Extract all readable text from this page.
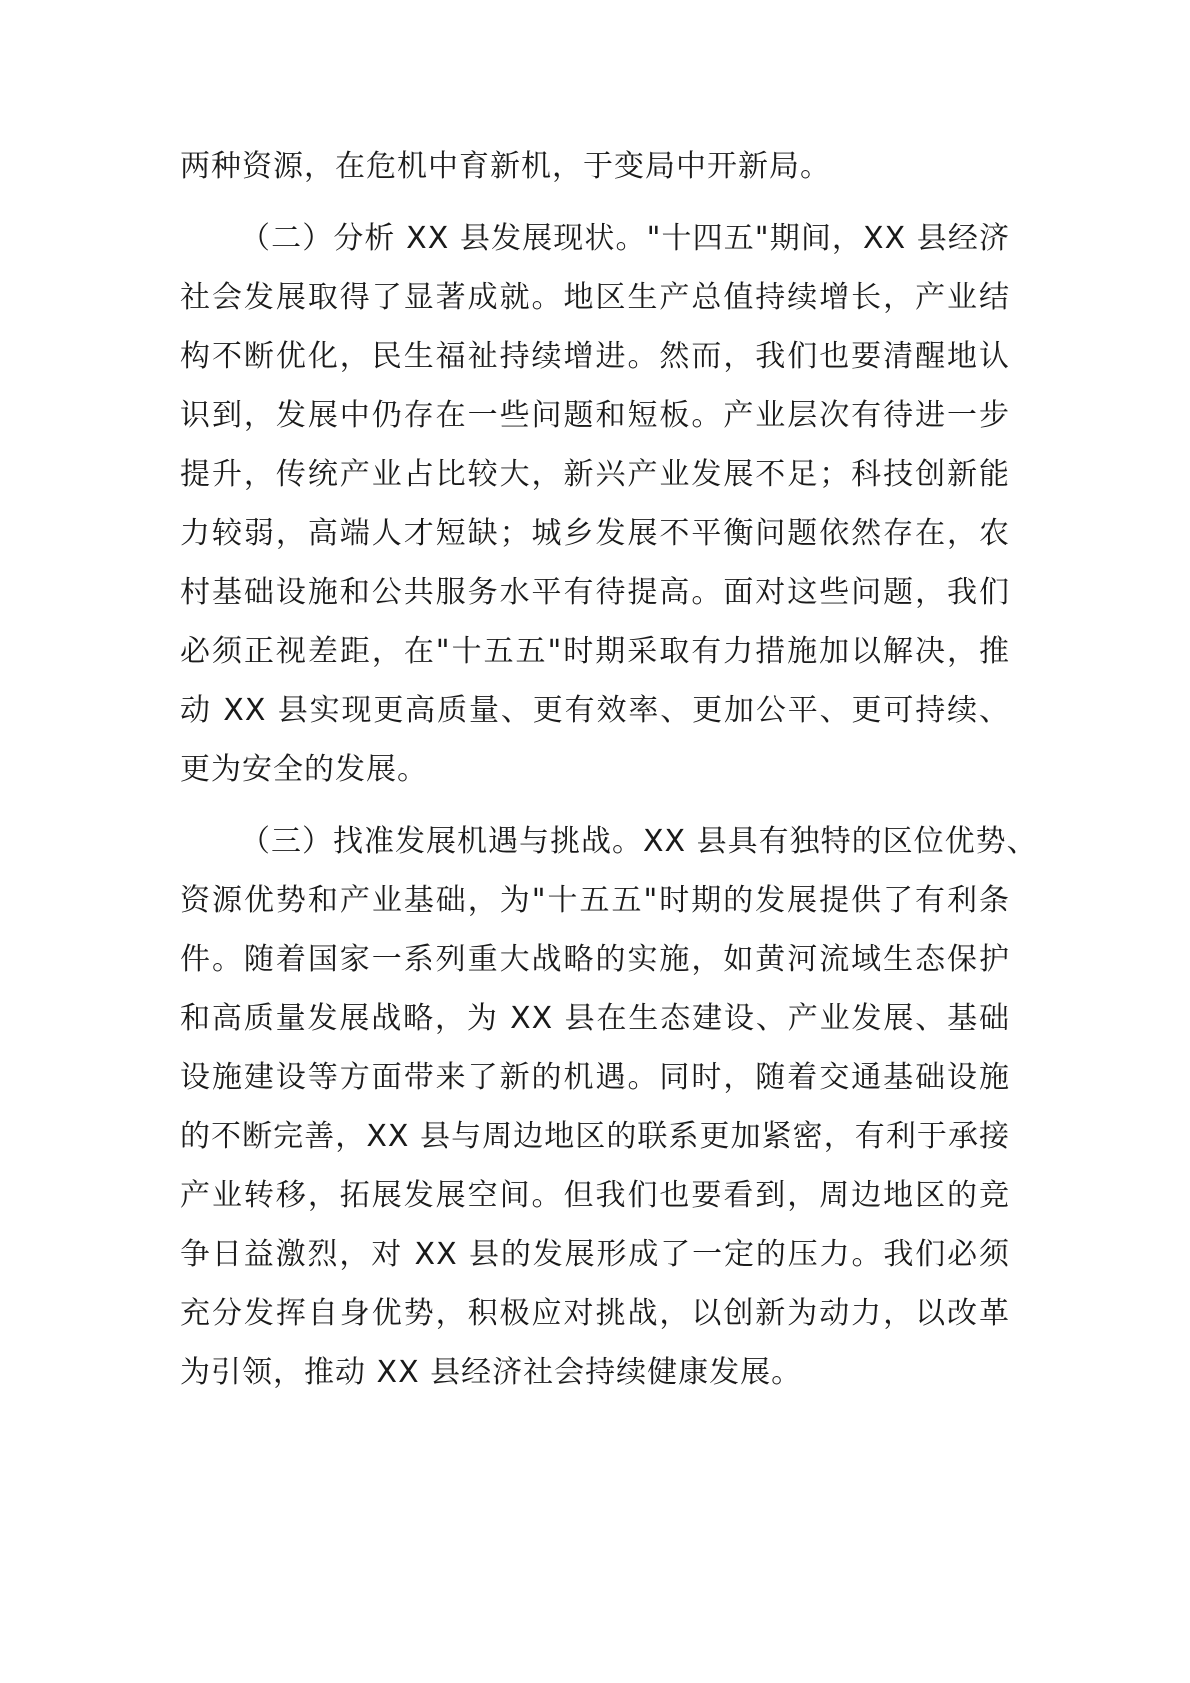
两种资源，在危机中育新机，于变局中开新局。
（二）分析 XX 县发展现状。"十四五"期间，XX 县经济
社会发展取得了显著成就。地区生产总值持续增长，产业结
构不断优化，民生福祉持续增进。然而，我们也要清醒地认
识到，发展中仍存在一些问题和短板。产业层次有待进一步
提升，传统产业占比较大，新兴产业发展不足；科技创新能
力较弱，高端人才短缺；城乡发展不平衡问题依然存在，农
村基础设施和公共服务水平有待提高。面对这些问题，我们
必须正视差距，在"十五五"时期采取有力措施加以解决，推
动 XX 县实现更高质量、更有效率、更加公平、更可持续、
更为安全的发展。
（三）找准发展机遇与挑战。XX 县具有独特的区位优势、
资源优势和产业基础，为"十五五"时期的发展提供了有利条
件。随着国家一系列重大战略的实施，如黄河流域生态保护
和高质量发展战略，为 XX 县在生态建设、产业发展、基础
设施建设等方面带来了新的机遇。同时，随着交通基础设施
的不断完善，XX 县与周边地区的联系更加紧密，有利于承接
产业转移，拓展发展空间。但我们也要看到，周边地区的竞
争日益激烈，对 XX 县的发展形成了一定的压力。我们必须
充分发挥自身优势，积极应对挑战，以创新为动力，以改革
为引领，推动 XX 县经济社会持续健康发展。
